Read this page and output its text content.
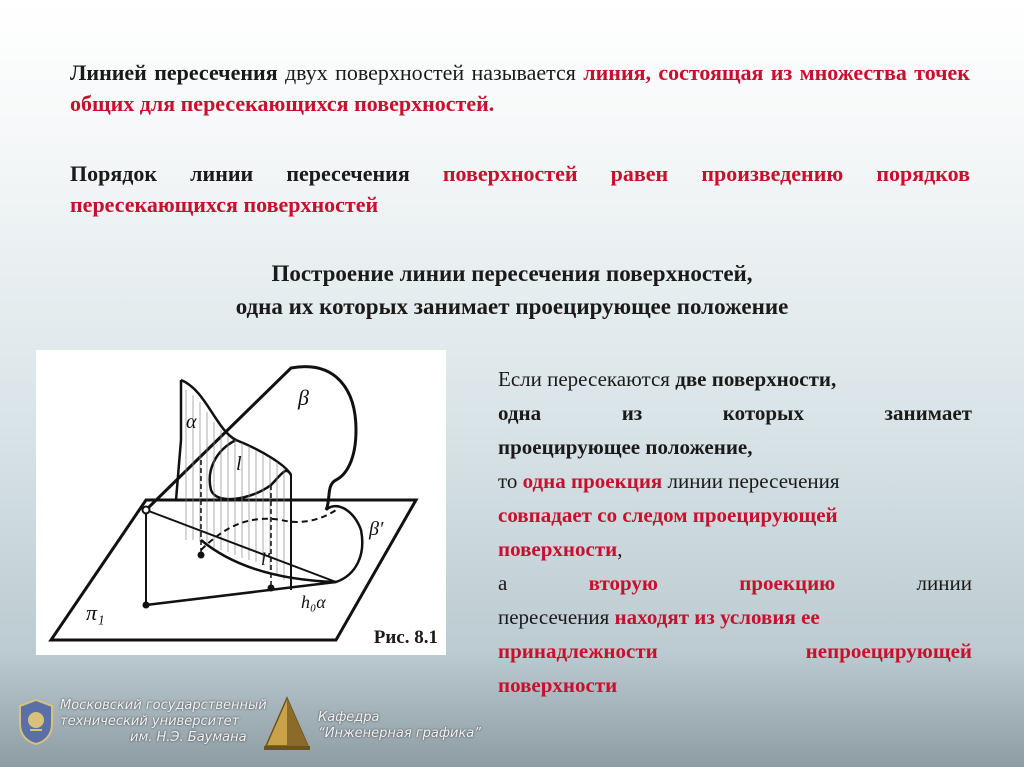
Линией пересечения двух поверхностей называется линия, состоящая из множества точек общих для пересекающихся поверхностей.
Порядок линии пересечения поверхностей равен произведению порядков пересекающихся поверхностей
Построение линии пересечения поверхностей,
одна их которых занимает проецирующее положение
β
α
l
β′
l′
π₁	h₀α
Рис. 8.1
Если пересекаются две поверхности,
одна	из	которых	занимает
проецирующее положение,
то одна проекция линии пересечения
совпадает со следом проецирующей
поверхности,
а	вторую	проекцию	линии
пересечения находят из условия ее
принадлежности	непроецирующей
поверхности
Московский государственный
технический университет
им. Н.Э. Баумана
Кафедра
“Инженерная графика”
